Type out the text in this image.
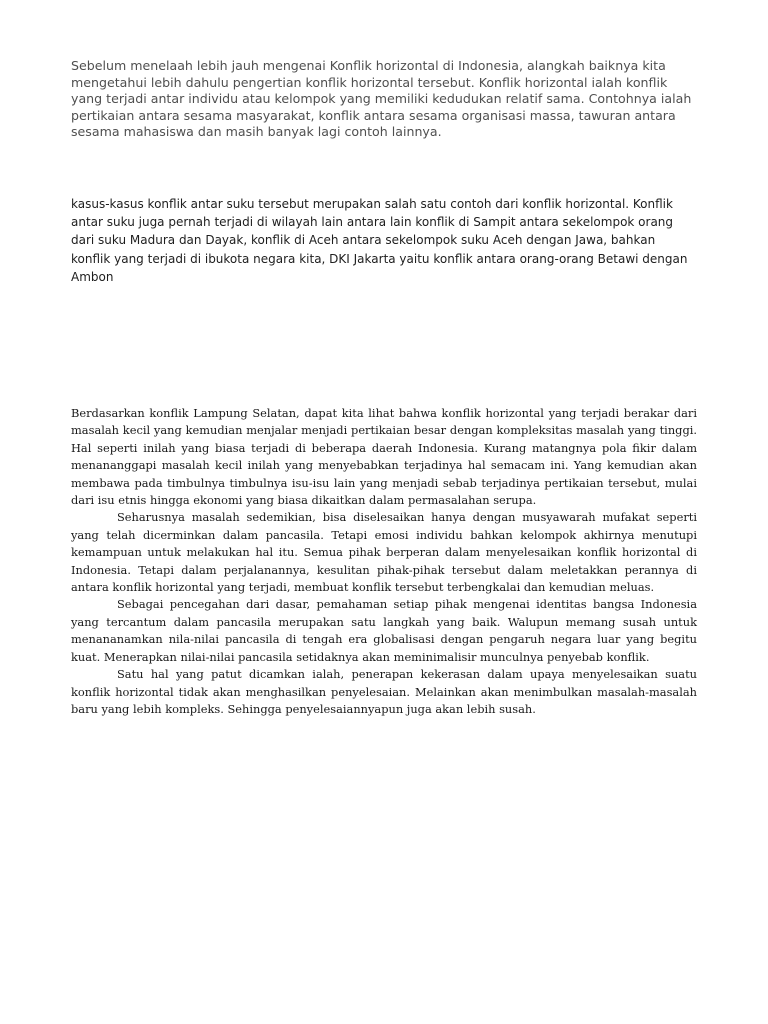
Sebelum menelaah lebih jauh mengenai Konflik horizontal di Indonesia, alangkah baiknya kita mengetahui lebih dahulu pengertian konflik horizontal tersebut. Konflik horizontal ialah konflik yang terjadi antar individu atau kelompok yang memiliki kedudukan relatif sama. Contohnya ialah pertikaian antara sesama masyarakat, konflik antara sesama organisasi massa, tawuran antara sesama mahasiswa dan masih banyak lagi contoh lainnya.

kasus-kasus konflik antar suku tersebut merupakan salah satu contoh dari konflik horizontal. Konflik antar suku juga pernah terjadi di wilayah lain antara lain konflik di Sampit antara sekelompok orang dari suku Madura dan Dayak, konflik di Aceh antara sekelompok suku Aceh dengan Jawa, bahkan konflik yang terjadi di ibukota negara kita, DKI Jakarta yaitu konflik antara orang-orang Betawi dengan Ambon

Berdasarkan konflik Lampung Selatan, dapat kita lihat bahwa konflik horizontal yang terjadi berakar dari masalah kecil yang kemudian menjalar menjadi pertikaian besar dengan kompleksitas masalah yang tinggi. Hal seperti inilah yang biasa terjadi di beberapa daerah Indonesia. Kurang matangnya pola fikir dalam menananggapi masalah kecil inilah yang menyebabkan terjadinya hal semacam ini. Yang kemudian akan membawa pada timbulnya timbulnya isu-isu lain yang menjadi sebab terjadinya pertikaian tersebut, mulai dari isu etnis hingga ekonomi yang biasa dikaitkan dalam permasalahan serupa.

Seharusnya masalah sedemikian, bisa diselesaikan hanya dengan musyawarah mufakat seperti yang telah dicerminkan dalam pancasila. Tetapi emosi individu bahkan kelompok akhirnya menutupi kemampuan untuk melakukan hal itu. Semua pihak berperan dalam menyelesaikan konflik horizontal di Indonesia. Tetapi dalam perjalanannya, kesulitan pihak-pihak tersebut dalam meletakkan perannya di antara konflik horizontal yang terjadi, membuat konflik tersebut terbengkalai dan kemudian meluas.

Sebagai pencegahan dari dasar, pemahaman setiap pihak mengenai identitas bangsa Indonesia yang tercantum dalam pancasila merupakan satu langkah yang baik. Walupun memang susah untuk menananamkan nila-nilai pancasila di tengah era globalisasi dengan pengaruh negara luar yang begitu kuat. Menerapkan nilai-nilai pancasila setidaknya akan meminimalisir munculnya penyebab konflik.

Satu hal yang patut dicamkan ialah, penerapan kekerasan dalam upaya menyelesaikan suatu konflik horizontal tidak akan menghasilkan penyelesaian. Melainkan akan menimbulkan masalah-masalah baru yang lebih kompleks. Sehingga penyelesaiannyapun juga akan lebih susah.
